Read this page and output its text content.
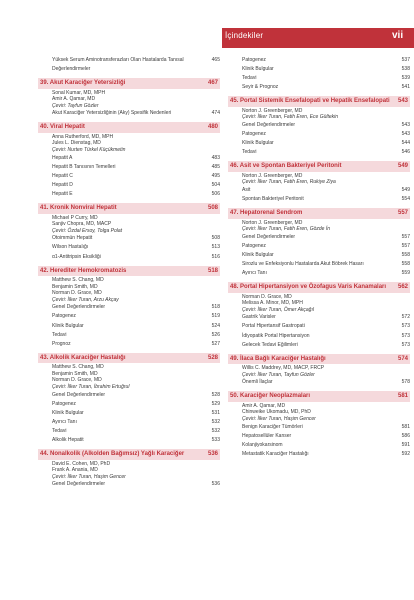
İçindekiler	vii
Yüksek Serum Aminotransferazları Olan Hastalarda Tanısal Değerlendirmeler
465
39. Akut Karaciğer Yetersizliği	467
Sonal Kumar, MD, MPH
Amir A. Qamar, MD
Çeviri: Tayfun Gözler
Akut Karaciğer Yetersizliğinin (Aky) Spesifik Nedenleri	474
40. Viral Hepatit	480
Anna Rutherford, MD, MPH
Jules L. Dienstag, MD
Çeviri: Nurten Türkel Küçükmetin
Hepatit A	483
Hepatit B Tanısının Temelleri	485
Hepatit C	495
Hepatit D	504
Hepatit E	506
41. Kronik Nonviral Hepatit	508
Michael P Curry, MD
Sanjiv Chopra, MD, MACP
Çeviri: Özdal Ersoy, Tolga Polat
Otoimmün Hepatit	508
Wilson Hastalığı	513
α1-Antitripsin Eksikliği	516
42. Herediter Hemokromatozis	518
Matthew S. Chang, MD
Benjamin Smith, MD
Norman D. Grace, MD
Çeviri: İlker Turan, Arzu Akçay
Genel Değerlendirmeler	518
Patogenez	519
Klinik Bulgular	524
Tedavi	526
Prognoz	527
43. Alkolik Karaciğer Hastalığı	528
Matthew S. Chang, MD
Benjamin Smith, MD
Norman D. Grace, MD
Çeviri: İlker Turan, İbrahim Ertuğrul
Genel Değerlendirmeler	528
Patogenez	529
Klinik Bulgular	531
Ayırıcı Tanı	532
Tedavi	532
Alkolik Hepatit	533
44. Nonalkolik (Alkolden Bağımsız) Yağlı Karaciğer	536
David E. Cohen, MD, PhD
Frank A. Anania, MD
Çeviri: İlker Turan, Haşim Gencer
Genel Değerlendirmeler	536
Patogenez	537
Klinik Bulgular	538
Tedavi	539
Seyir & Prognoz	541
45. Portal Sistemik Ensefalopati ve Hepatik Ensefalopati	543
Norton J. Greenberger, MD
Çeviri: İlker Turan, Fatih Eren, Ece Gültekin
Genel Değerlendirmeler	543
Patogenez	543
Klinik Bulgular	544
Tedavi	546
46. Asit ve Spontan Bakteriyel Peritonit	549
Norton J. Greenberger, MD
Çeviri: İlker Turan, Fatih Eren, Rukiye Ziya
Asit	549
Spontan Bakteriyel Peritonit	554
47. Hepatorenal Sendrom	557
Norton J. Greenberger, MD
Çeviri: İlker Turan, Fatih Eren, Gözde İn
Genel Değerlendirmeler	557
Patogenez	557
Klinik Bulgular	558
Sirozlu ve Enfeksiyonlu Hastalarda Akut Böbrek Hasarı	558
Ayırıcı Tanı	559
48. Portal Hipertansiyon ve Özofagus Varis Kanamaları	562
Norman D. Grace, MD
Melissa A. Minor, MD, MPH
Çeviri: İlker Turan, Ömer Akçağıl
Gastrik Varisler	572
Portal Hipertansif Gastropati	573
İdiyopatik Portal Hipertansiyon	573
Gelecek Tedavi Eğilimleri	573
49. İlaca Bağlı Karaciğer Hastalığı	574
Willis C. Maddrey, MD, MACP, FRCP
Çeviri: İlker Turan, Tayfun Gözler
Önemli İlaçlar	578
50. Karaciğer Neoplazmaları	581
Amir A. Qamar, MD
Chinweike Ukomadu, MD, PhD
Çeviri: İlker Turan, Haşim Gencer
Benign Karaciğer Tümörleri	581
Hepatosellüler Kanser	586
Kolanjiyokarsinom	591
Metastatik Karaciğer Hastalığı	592
